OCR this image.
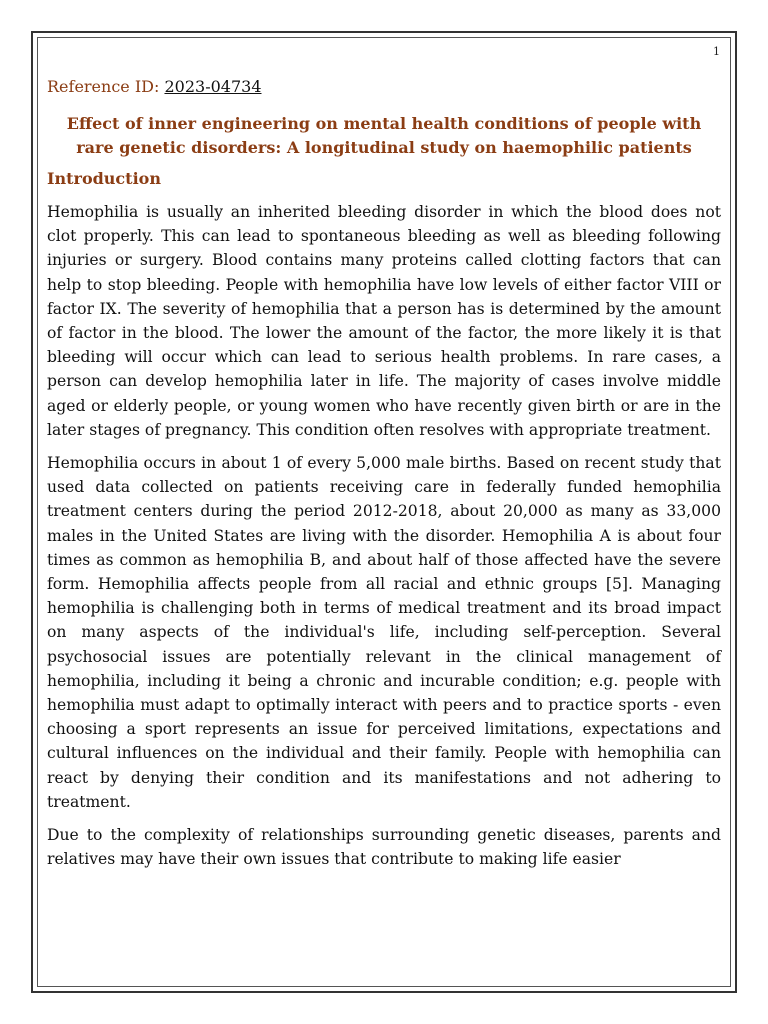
1

Reference ID: 2023-04734

Effect of inner engineering on mental health conditions of people with rare genetic disorders: A longitudinal study on haemophilic patients
Introduction

Hemophilia is usually an inherited bleeding disorder in which the blood does not clot properly. This can lead to spontaneous bleeding as well as bleeding following injuries or surgery. Blood contains many proteins called clotting factors that can help to stop bleeding. People with hemophilia have low levels of either factor VIII or factor IX. The severity of hemophilia that a person has is determined by the amount of factor in the blood. The lower the amount of the factor, the more likely it is that bleeding will occur which can lead to serious health problems. In rare cases, a person can develop hemophilia later in life. The majority of cases involve middle aged or elderly people, or young women who have recently given birth or are in the later stages of pregnancy. This condition often resolves with appropriate treatment.

Hemophilia occurs in about 1 of every 5,000 male births. Based on recent study that used data collected on patients receiving care in federally funded hemophilia treatment centers during the period 2012-2018, about 20,000 as many as 33,000 males in the United States are living with the disorder. Hemophilia A is about four times as common as hemophilia B, and about half of those affected have the severe form. Hemophilia affects people from all racial and ethnic groups [5]. Managing hemophilia is challenging both in terms of medical treatment and its broad impact on many aspects of the individual's life, including self-perception. Several psychosocial issues are potentially relevant in the clinical management of hemophilia, including it being a chronic and incurable condition; e.g. people with hemophilia must adapt to optimally interact with peers and to practice sports - even choosing a sport represents an issue for perceived limitations, expectations and cultural influences on the individual and their family. People with hemophilia can react by denying their condition and its manifestations and not adhering to treatment.

Due to the complexity of relationships surrounding genetic diseases, parents and relatives may have their own issues that contribute to making life easier
